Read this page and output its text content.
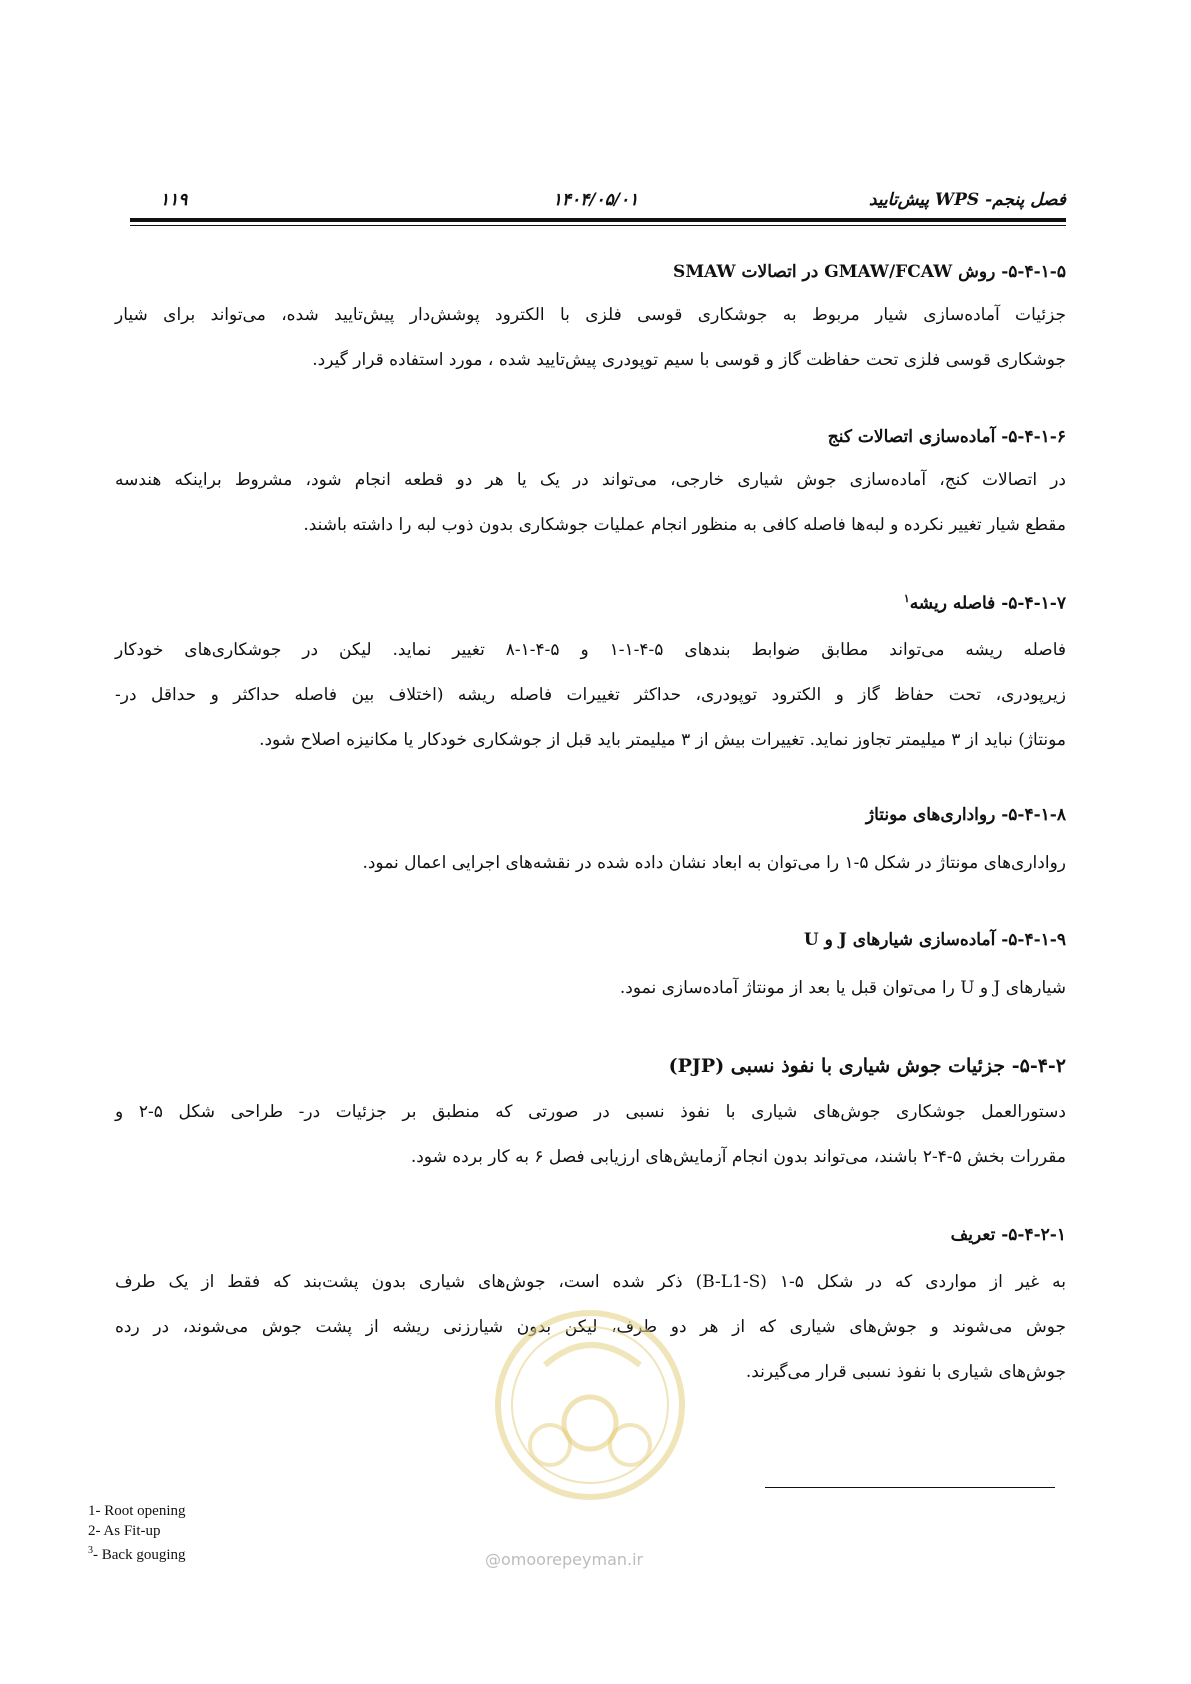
فصل پنجم- WPS پیش‌تایید
۱۴۰۴/۰۵/۰۱
۱۱۹
۵-۴-۱-۵- روش GMAW/FCAW در اتصالات SMAW
جزئیات آماده‌سازی شیار مربوط به جوشکاری قوسی فلزی با الکترود پوشش‌دار پیش‌تایید شده، می‌تواند برای شیار
جوشکاری قوسی فلزی تحت حفاظت گاز و قوسی با سیم توپودری پیش‌تایید شده ، مورد استفاده قرار گیرد.
۵-۴-۱-۶- آماده‌سازی اتصالات کنج
در اتصالات کنج، آماده‌سازی جوش شیاری خارجی، می‌تواند در یک یا هر دو قطعه انجام شود، مشروط براینکه هندسه
مقطع شیار تغییر نکرده و لبه‌ها فاصله کافی به منظور انجام عملیات جوشکاری بدون ذوب لبه را داشته باشند.
۵-۴-۱-۷- فاصله ریشه$^۱$
فاصله ریشه می‌تواند مطابق ضوابط بندهای ۵-۴-۱-۱ و ۵-۴-۱-۸ تغییر نماید. لیکن در جوشکاری‌های خودکار
زیرپودری، تحت حفاظ گاز و الکترود توپودری، حداکثر تغییرات فاصله ریشه (اختلاف بین فاصله حداکثر و حداقل در-
مونتاژ) نباید از ۳ میلیمتر تجاوز نماید. تغییرات بیش از ۳ میلیمتر باید قبل از جوشکاری خودکار یا مکانیزه اصلاح شود.
۵-۴-۱-۸- رواداری‌های مونتاژ
رواداری‌های مونتاژ در شکل ۵-۱ را می‌توان به ابعاد نشان داده شده در نقشه‌های اجرایی اعمال نمود.
۵-۴-۱-۹- آماده‌سازی شیارهای J و U
شیارهای J و U را می‌توان قبل یا بعد از مونتاژ آماده‌سازی نمود.
۵-۴-۲- جزئیات جوش شیاری با نفوذ نسبی (PJP)
دستورالعمل جوشکاری جوش‌های شیاری با نفوذ نسبی در صورتی که منطبق بر جزئیات در- طراحی شکل ۵-۲ و
مقررات بخش ۵-۴-۲ باشند، می‌تواند بدون انجام آزمایش‌های ارزیابی فصل ۶ به کار برده شود.
۵-۴-۲-۱- تعریف
به غیر از مواردی که در شکل ۵-۱ (B-L1-S) ذکر شده است، جوش‌های شیاری بدون پشت‌بند که فقط از یک طرف
جوش می‌شوند و جوش‌های شیاری که از هر دو طرف، لیکن بدون شیارزنی ریشه از پشت جوش می‌شوند، در رده
جوش‌های شیاری با نفوذ نسبی قرار می‌گیرند.
@omoorepeyman.ir
1- Root opening
2- As Fit-up
$^3$- Back gouging
